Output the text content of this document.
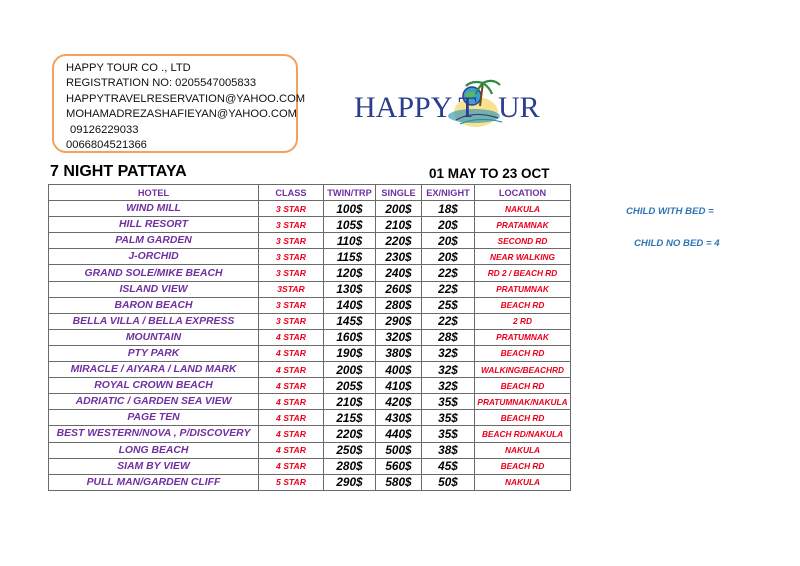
HAPPY TOUR CO ., LTD
REGISTRATION NO: 0205547005833
HAPPYTRAVELRESERVATION@YAHOO.COM
MOHAMADREZASHAFIEYAN@YAHOO.COM
09126229033
0066804521366
HAPPY T UR
7 NIGHT PATTAYA	01 MAY TO 23 OCT
HOTEL	CLASS	TWIN/TRP	SINGLE	EX/NIGHT	LOCATION
WIND MILL	3 STAR	100$	200$	18$	NAKULA
HILL RESORT	3 STAR	105$	210$	20$	PRATAMNAK
PALM GARDEN	3 STAR	110$	220$	20$	SECOND RD
J-ORCHID	3 STAR	115$	230$	20$	NEAR WALKING
GRAND SOLE/MIKE BEACH	3 STAR	120$	240$	22$	RD 2 / BEACH RD
ISLAND VIEW	3STAR	130$	260$	22$	PRATUMNAK
BARON BEACH	3 STAR	140$	280$	25$	BEACH RD
BELLA VILLA / BELLA EXPRESS	3 STAR	145$	290$	22$	2 RD
MOUNTAIN	4 STAR	160$	320$	28$	PRATUMNAK
PTY PARK	4 STAR	190$	380$	32$	BEACH RD
MIRACLE / AIYARA / LAND MARK	4 STAR	200$	400$	32$	WALKING/BEACHRD
ROYAL CROWN BEACH	4 STAR	205$	410$	32$	BEACH RD
ADRIATIC / GARDEN SEA VIEW	4 STAR	210$	420$	35$	PRATUMNAK/NAKULA
PAGE TEN	4 STAR	215$	430$	35$	BEACH RD
BEST WESTERN/NOVA , P/DISCOVERY	4 STAR	220$	440$	35$	BEACH RD/NAKULA
LONG BEACH	4 STAR	250$	500$	38$	NAKULA
SIAM BY VIEW	4 STAR	280$	560$	45$	BEACH RD
PULL MAN/GARDEN CLIFF	5 STAR	290$	580$	50$	NAKULA
CHILD WITH BED =
CHILD NO BED = 4
